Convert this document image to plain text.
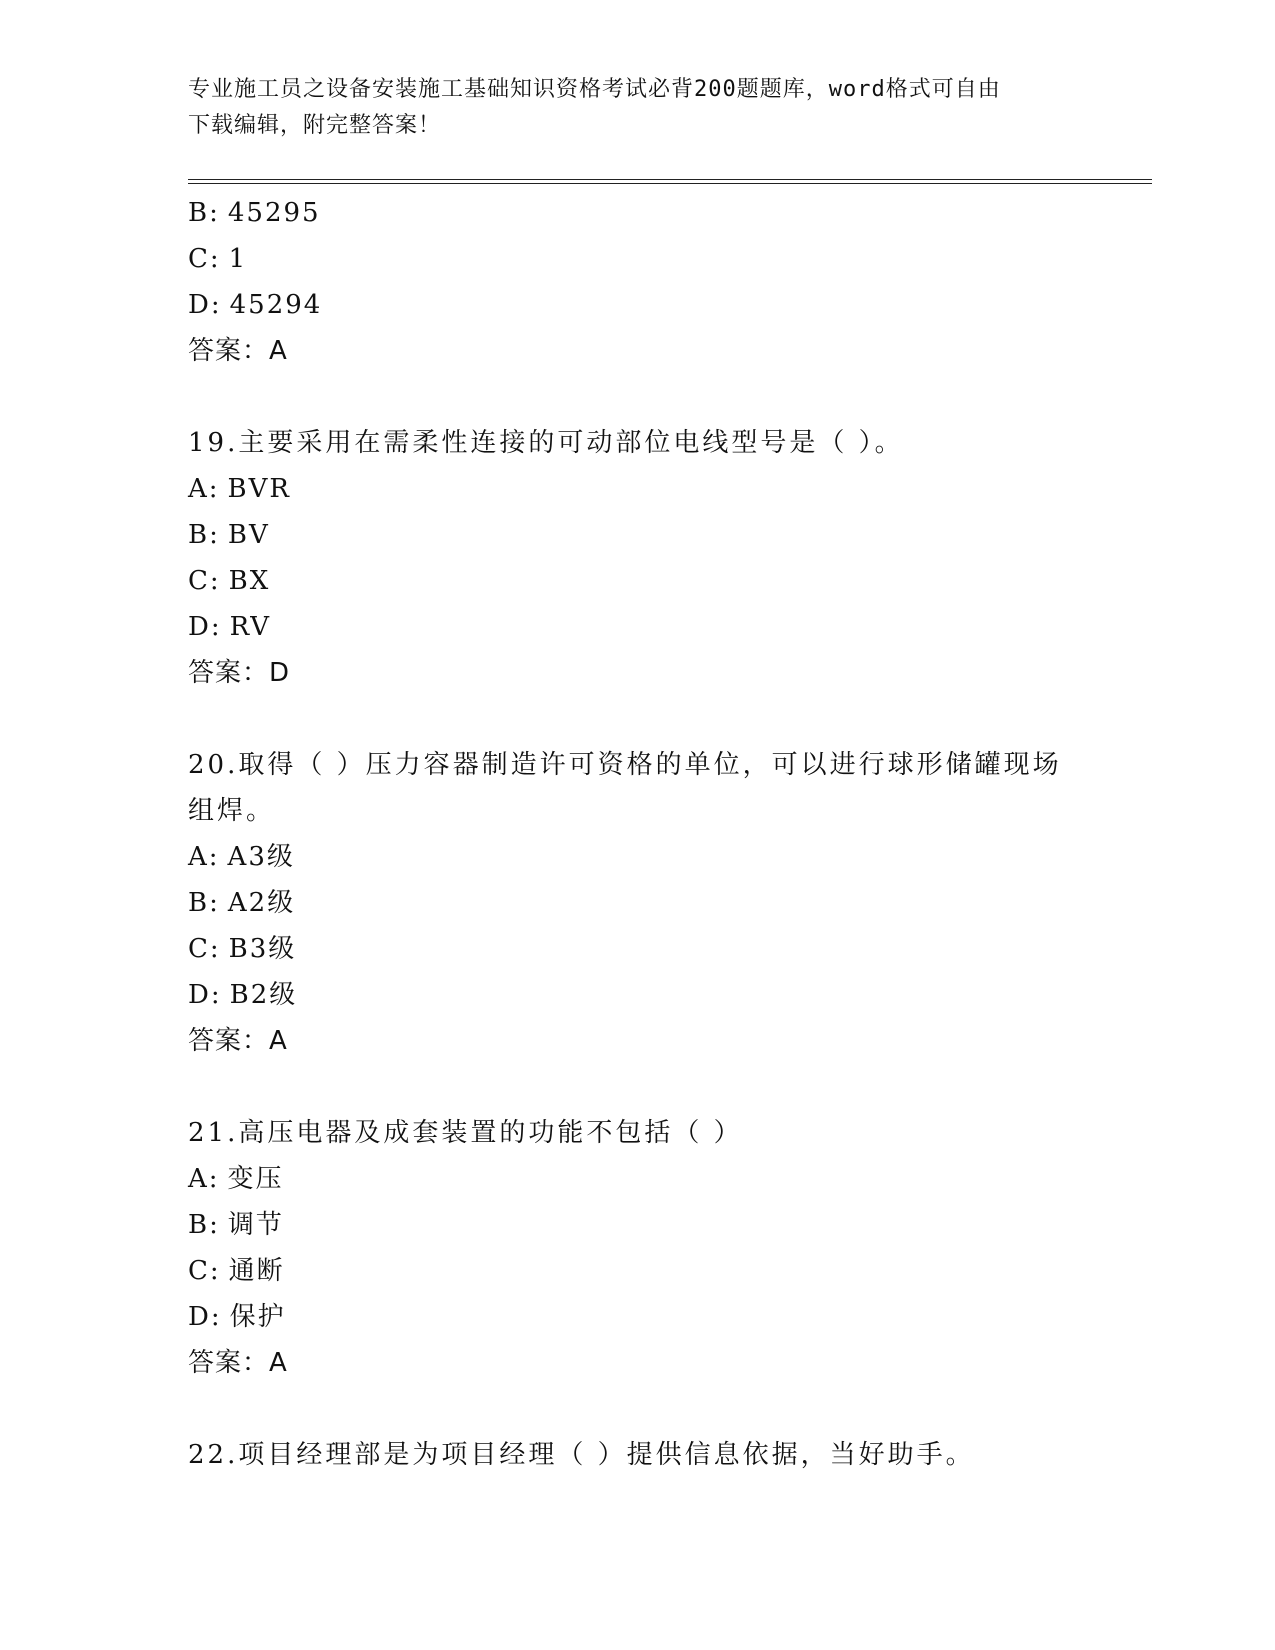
专业施工员之设备安装施工基础知识资格考试必背200题题库，word格式可自由
下载编辑，附完整答案！
B: 45295
C: 1
D: 45294
答案：A
19.主要采用在需柔性连接的可动部位电线型号是（ ）。
A: BVR
B: BV
C: BX
D: RV
答案：D
20.取得（ ）压力容器制造许可资格的单位，可以进行球形储罐现场组焊。
A: A3级
B: A2级
C: B3级
D: B2级
答案：A
21.高压电器及成套装置的功能不包括（ ）
A: 变压
B: 调节
C: 通断
D: 保护
答案：A
22.项目经理部是为项目经理（ ）提供信息依据，当好助手。
